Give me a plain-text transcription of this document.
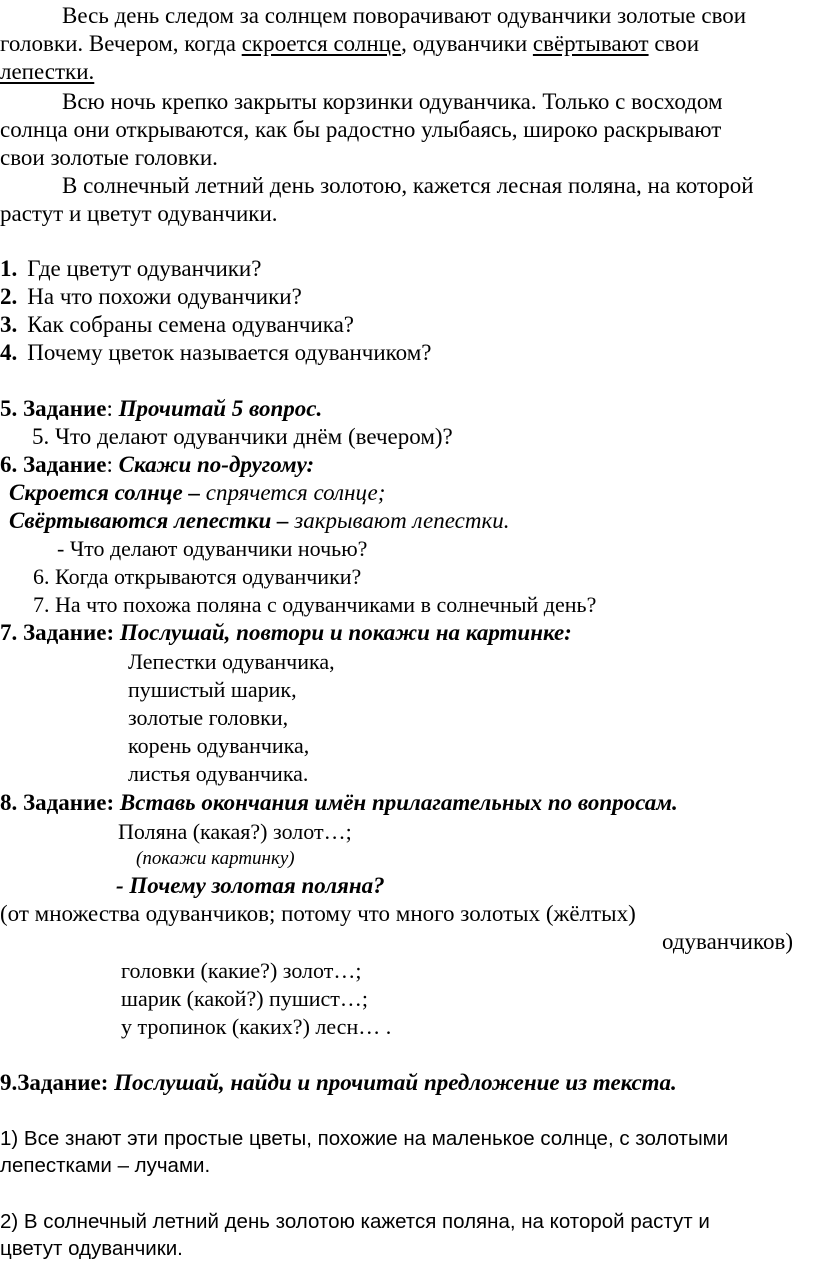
Весь день следом за солнцем поворачивают одуванчики золотые свои
головки. Вечером, когда скроется солнце, одуванчики свёртывают свои
лепестки.
Всю ночь крепко закрыты корзинки одуванчика. Только с восходом
солнца они открываются, как бы радостно улыбаясь, широко раскрывают
свои золотые головки.
В солнечный летний день золотою, кажется лесная поляна, на которой
растут и цветут одуванчики.
1. Где цветут одуванчики?
2. На что похожи одуванчики?
3. Как собраны семена одуванчика?
4. Почему цветок называется одуванчиком?
5. Задание: Прочитай 5 вопрос.
5. Что делают одуванчики днём (вечером)?
6. Задание: Скажи по-другому:
Скроется солнце – спрячется солнце;
Свёртываются лепестки – закрывают лепестки.
- Что делают одуванчики ночью?
6. Когда открываются одуванчики?
7. На что похожа поляна с одуванчиками в солнечный день?
7. Задание: Послушай, повтори и покажи на картинке:
Лепестки одуванчика,
пушистый шарик,
золотые головки,
корень одуванчика,
листья одуванчика.
8. Задание: Вставь окончания имён прилагательных по вопросам.
Поляна (какая?) золот…;
(покажи картинку)
- Почему золотая поляна?
(от множества одуванчиков; потому что много золотых (жёлтых)
одуванчиков)
головки (какие?) золот…;
шарик (какой?) пушист…;
у тропинок (каких?) лесн… .
9.Задание: Послушай, найди и прочитай предложение из текста.
1) Все знают эти простые цветы, похожие на маленькое солнце, с золотыми
лепестками – лучами.
2) В солнечный летний день золотою кажется поляна, на которой растут и
цветут одуванчики.
